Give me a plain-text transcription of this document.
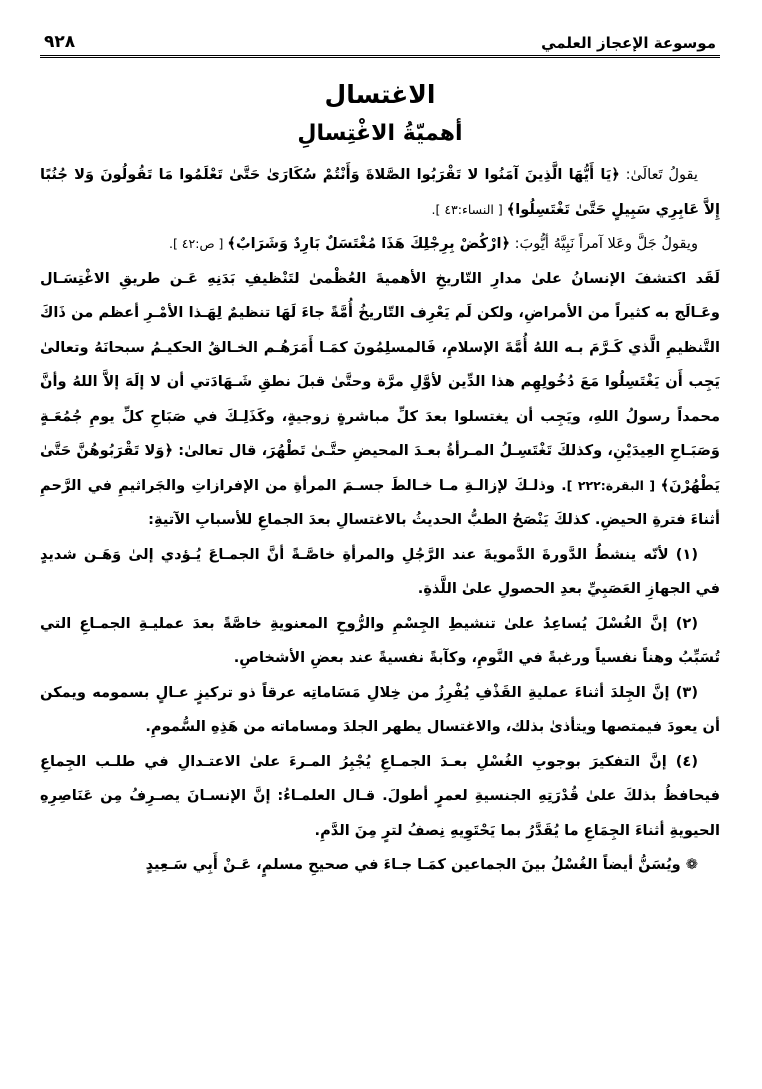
موسوعة الإعجاز العلمي
٩٢٨
الاغتسال
أهميّةُ الاغْتِسالِ

يقولُ تَعالَىٰ: ﴿يَا أَيُّهَا الَّذِينَ آمَنُوا لا تَقْرَبُوا الصَّلاةَ وَأَنْتُمْ سُكَارَىٰ حَتَّىٰ تَعْلَمُوا مَا تَقُولُونَ وَلا جُنُبًا إِلاَّ عَابِرِي سَبِيلٍ حَتَّىٰ تَغْتَسِلُوا﴾ [ النساء:٤٣ ].

ويقولُ جَلَّ وعَلا آمراً نَبِيَّهُ أيُّوبَ: ﴿ارْكُضْ بِرِجْلِكَ هَذَا مُغْتَسَلٌ بَارِدٌ وَشَرَابٌ﴾ [ ص:٤٢ ].

لَقَد اكتشفَ الإنسانُ علىٰ مدارِ التّاريخِ الأهميةَ العُظْمىٰ لتَنْظيفِ بَدَنِهِ عَـن طريقِ الاغْتِسَـال وعَـالَج به كثيراً من الأمراضِ، ولكن لَم يَعْرِف التّاريخُ أُمَّةً جاءَ لَهَا تنظيمٌ لِهَـذا الأمْـرِ أعظم من ذَاكَ التَّنظيمِ الَّذي كَـرَّمَ بـه اللهُ أُمَّةَ الإسلامِ، فَالمسلِمُونَ كمَـا أَمَرَهُـم الخـالقُ الحكيـمُ سبحانَهُ وتعالىٰ يَجِب أَن يَغْتَسِلُوا مَعَ دُخُولِهِم هذا الدِّين لأوَّلِ مرَّة وحتَّىٰ قبلَ نطقِ شَـهَادَتي أن لا إلَهَ إلاَّ اللهُ وأنَّ محمداً رسولُ اللهِ، ويَجِب أن يغتسلوا بعدَ كلِّ مباشرةٍ زوجيةٍ، وكَذَلِـكَ في صَبَاحِ كلِّ يومِ جُمُعَـةٍ وَصَبَـاحِ العِيدَيْنِ، وكذلكَ تَغْتَسِـلُ المـرأةُ بعـدَ المحيضِ حتَّـىٰ تَطْهُرَ، قال تعالىٰ: ﴿وَلا تَقْرَبُوهُنَّ حَتَّىٰ يَطْهُرْنَ﴾ [ البقرة:٢٢٢ ]. وذلـكَ لإزالـةِ مـا خـالطَ جسـمَ المرأةِ من الإفرازاتِ والجَراثيمِ في الرَّحمِ أثناءَ فترةِ الحيضِ. كذلكَ يَنْصَحُ الطبُّ الحديثُ بالاغتسالِ بعدَ الجماعِ للأسبابِ الآتيةِ:

(١) لأنّه ينشطُ الدَّورةَ الدَّمويةَ عند الرَّجُلِ والمرأةِ خاصَّـةً أنَّ الجمـاعَ يُـؤدي إلىٰ وَهَـن شديدٍ في الجهازِ العَصَبِيِّ بعدِ الحصولِ علىٰ اللَّذةِ.

(٢) إنَّ الغُسْلَ يُساعِدُ علىٰ تنشيطِ الجِسْمِ والرُّوحِ المعنويةِ خاصَّةً بعدَ عمليـةِ الجمـاعِ التي تُسَبِّبُ وهناً نفسياً ورغبةً في النَّومِ، وكآبةً نفسيةً عند بعضِ الأشخاصِ.

(٣) إنَّ الجِلدَ أثناءَ عمليةِ القَذْفِ يُفْرِزُ من خِلالِ مَسَاماتِه عرقاً ذو تركيزٍ عـالٍ بسمومه ويمكن أن يعودَ فيمتصها ويتأذىٰ بذلك، والاغتسال يطهر الجلدَ ومساماته من هَذِهِ السُّمومِ.

(٤) إنَّ التفكيرَ بوجوبِ الغُسْلِ بعـدَ الجمـاعِ يُجْبِرُ المـرءَ علىٰ الاعتـدالِ في طلـب الجِماعِ فيحافظُ بذلكَ علىٰ قُدْرَتِهِ الجنسيةِ لعمرٍ أطولَ. قـال العلمـاءُ: إنَّ الإنسـانَ يصـرِفُ مِن عَنَاصِرِهِ الحيويةِ أثناءَ الجِمَاعِ ما يُقَدَّرُ بما يَحْتَوِيهِ نِصفُ لترٍ مِنَ الدَّمِ.

❁ ويُسَنُّ أيضاً الغُسْلُ بينَ الجماعين كمَـا جـاءَ في صحيحِ مسلمٍ، عَـنْ أَبِي سَـعِيدٍ
